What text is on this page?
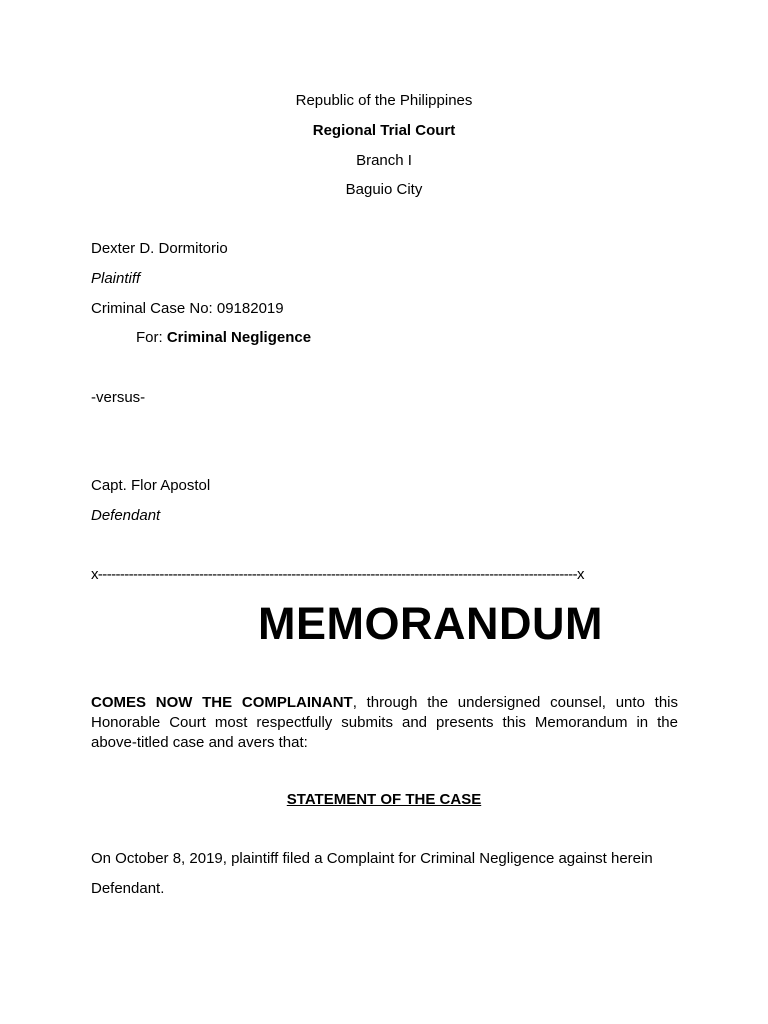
Republic of the Philippines
Regional Trial Court
Branch I
Baguio City
Dexter D. Dormitorio
Plaintiff
Criminal Case No: 09182019
For: Criminal Negligence
-versus-
Capt. Flor Apostol
Defendant
x-------------------------------------------------------------------------------------------------------------x
MEMORANDUM
COMES NOW THE COMPLAINANT, through the undersigned counsel, unto this Honorable Court most respectfully submits and presents this Memorandum in the above-titled case and avers that:
STATEMENT OF THE CASE
On October 8, 2019, plaintiff filed a Complaint for Criminal Negligence against herein
Defendant.
